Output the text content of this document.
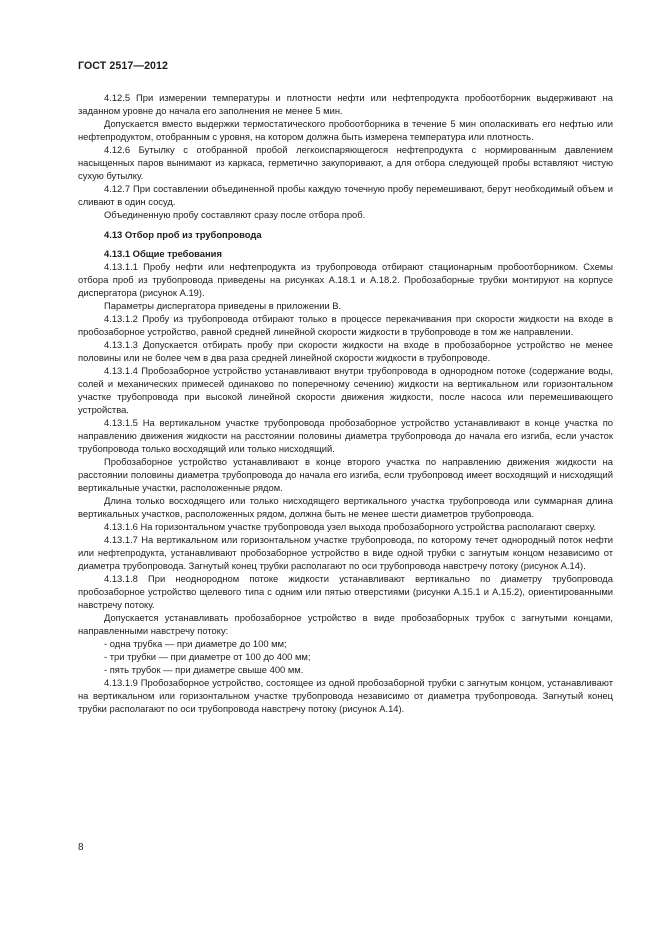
ГОСТ 2517—2012

4.12.5 При измерении температуры и плотности нефти или нефтепродукта пробоотборник выдерживают на заданном уровне до начала его заполнения не менее 5 мин.

Допускается вместо выдержки термостатического пробоотборника в течение 5 мин ополаскивать его нефтью или нефтепродуктом, отобранным с уровня, на котором должна быть измерена температура или плотность.

4.12.6 Бутылку с отобранной пробой легкоиспаряющегося нефтепродукта с нормированным давлением насыщенных паров вынимают из каркаса, герметично закупоривают, а для отбора следующей пробы вставляют чистую сухую бутылку.

4.12.7 При составлении объединенной пробы каждую точечную пробу перемешивают, берут необходимый объем и сливают в один сосуд.

Объединенную пробу составляют сразу после отбора проб.

4.13 Отбор проб из трубопровода

4.13.1 Общие требования

4.13.1.1 Пробу нефти или нефтепродукта из трубопровода отбирают стационарным пробоотборником. Схемы отбора проб из трубопровода приведены на рисунках А.18.1 и А.18.2. Пробозаборные трубки монтируют на корпусе диспергатора (рисунок А.19).

Параметры диспергатора приведены в приложении В.

4.13.1.2 Пробу из трубопровода отбирают только в процессе перекачивания при скорости жидкости на входе в пробозаборное устройство, равной средней линейной скорости жидкости в трубопроводе в том же направлении.

4.13.1.3 Допускается отбирать пробу при скорости жидкости на входе в пробозаборное устройство не менее половины или не более чем в два раза средней линейной скорости жидкости в трубопроводе.

4.13.1.4 Пробозаборное устройство устанавливают внутри трубопровода в однородном потоке (содержание воды, солей и механических примесей одинаково по поперечному сечению) жидкости на вертикальном или горизонтальном участке трубопровода при высокой линейной скорости движения жидкости, после насоса или перемешивающего устройства.

4.13.1.5 На вертикальном участке трубопровода пробозаборное устройство устанавливают в конце участка по направлению движения жидкости на расстоянии половины диаметра трубопровода до начала его изгиба, если участок трубопровода только восходящий или только нисходящий.

Пробозаборное устройство устанавливают в конце второго участка по направлению движения жидкости на расстоянии половины диаметра трубопровода до начала его изгиба, если трубопровод имеет восходящий и нисходящий вертикальные участки, расположенные рядом.

Длина только восходящего или только нисходящего вертикального участка трубопровода или суммарная длина вертикальных участков, расположенных рядом, должна быть не менее шести диаметров трубопровода.

4.13.1.6 На горизонтальном участке трубопровода узел выхода пробозаборного устройства располагают сверху.

4.13.1.7 На вертикальном или горизонтальном участке трубопровода, по которому течет однородный поток нефти или нефтепродукта, устанавливают пробозаборное устройство в виде одной трубки с загнутым концом независимо от диаметра трубопровода. Загнутый конец трубки располагают по оси трубопровода навстречу потоку (рисунок А.14).

4.13.1.8 При неоднородном потоке жидкости устанавливают вертикально по диаметру трубопровода пробозаборное устройство щелевого типа с одним или пятью отверстиями (рисунки А.15.1 и А.15.2), ориентированными навстречу потоку.

Допускается устанавливать пробозаборное устройство в виде пробозаборных трубок с загнутыми концами, направленными навстречу потоку:

- одна трубка — при диаметре до 100 мм;

- три трубки — при диаметре от 100 до 400 мм;

- пять трубок — при диаметре свыше 400 мм.

4.13.1.9 Пробозаборное устройство, состоящее из одной пробозаборной трубки с загнутым концом, устанавливают на вертикальном или горизонтальном участке трубопровода независимо от диаметра трубопровода. Загнутый конец трубки располагают по оси трубопровода навстречу потоку (рисунок А.14).

8
